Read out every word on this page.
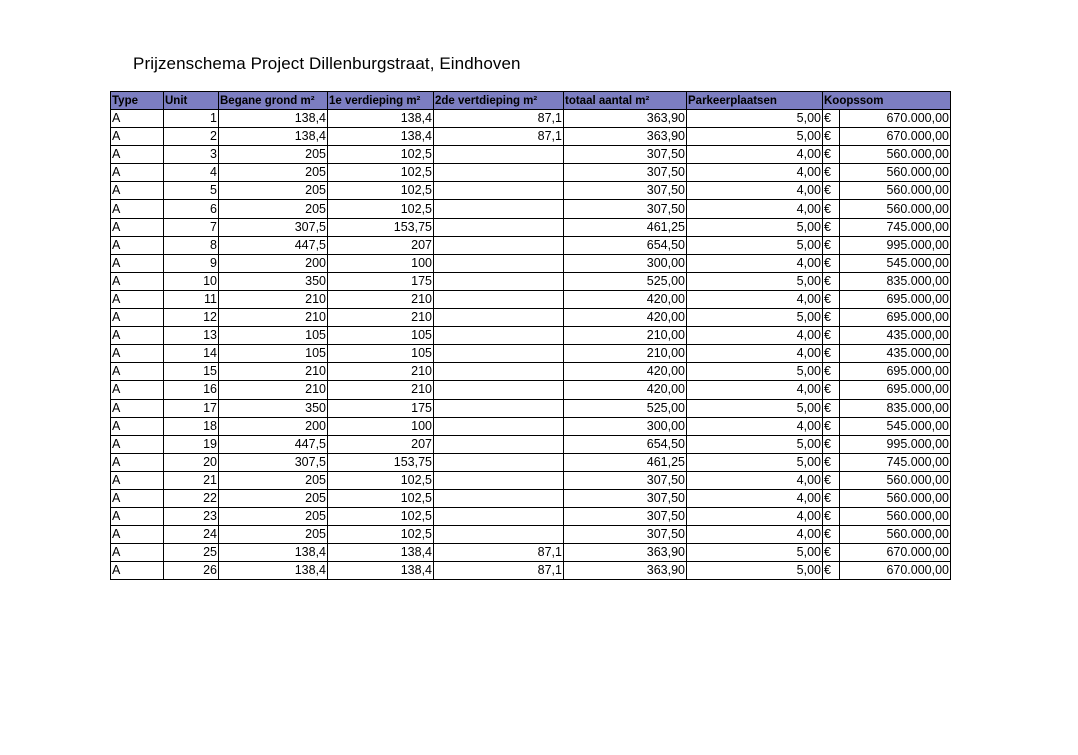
Prijzenschema Project Dillenburgstraat, Eindhoven
Type	Unit	Begane grond m²	1e verdieping m²	2de vertdieping m²	totaal aantal m²	Parkeerplaatsen	Koopssom	
A	1	138,4	138,4	87,1	363,90	5,00	€	670.000,00
A	2	138,4	138,4	87,1	363,90	5,00	€	670.000,00
A	3	205	102,5		307,50	4,00	€	560.000,00
A	4	205	102,5		307,50	4,00	€	560.000,00
A	5	205	102,5		307,50	4,00	€	560.000,00
A	6	205	102,5		307,50	4,00	€	560.000,00
A	7	307,5	153,75		461,25	5,00	€	745.000,00
A	8	447,5	207		654,50	5,00	€	995.000,00
A	9	200	100		300,00	4,00	€	545.000,00
A	10	350	175		525,00	5,00	€	835.000,00
A	11	210	210		420,00	4,00	€	695.000,00
A	12	210	210		420,00	5,00	€	695.000,00
A	13	105	105		210,00	4,00	€	435.000,00
A	14	105	105		210,00	4,00	€	435.000,00
A	15	210	210		420,00	5,00	€	695.000,00
A	16	210	210		420,00	4,00	€	695.000,00
A	17	350	175		525,00	5,00	€	835.000,00
A	18	200	100		300,00	4,00	€	545.000,00
A	19	447,5	207		654,50	5,00	€	995.000,00
A	20	307,5	153,75		461,25	5,00	€	745.000,00
A	21	205	102,5		307,50	4,00	€	560.000,00
A	22	205	102,5		307,50	4,00	€	560.000,00
A	23	205	102,5		307,50	4,00	€	560.000,00
A	24	205	102,5		307,50	4,00	€	560.000,00
A	25	138,4	138,4	87,1	363,90	5,00	€	670.000,00
A	26	138,4	138,4	87,1	363,90	5,00	€	670.000,00
